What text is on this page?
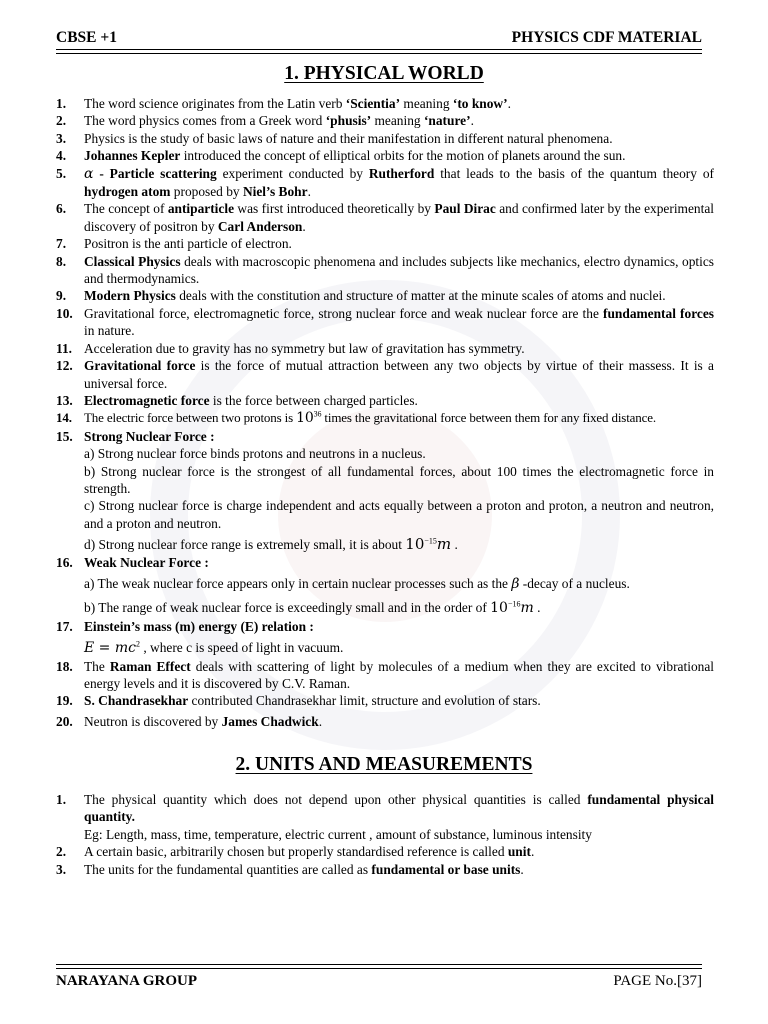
CBSE +1	PHYSICS CDF MATERIAL
1. PHYSICAL WORLD
1. The word science originates from the Latin verb ‘Scientia’ meaning ‘to know’.
2. The word physics comes from a Greek word ‘phusis’ meaning ‘nature’.
3. Physics is the study of basic laws of nature and their manifestation in different natural phenomena.
4. Johannes Kepler introduced the concept of elliptical orbits for the motion of planets around the sun.
5. α - Particle scattering experiment conducted by Rutherford that leads to the basis of the quantum theory of hydrogen atom proposed by Niel’s Bohr.
6. The concept of antiparticle was first introduced theoretically by Paul Dirac and confirmed later by the experimental discovery of positron by Carl Anderson.
7. Positron is the anti particle of electron.
8. Classical Physics deals with macroscopic phenomena and includes subjects like mechanics, electro dynamics, optics and thermodynamics.
9. Modern Physics deals with the constitution and structure of matter at the minute scales of atoms and nuclei.
10. Gravitational force, electromagnetic force, strong nuclear force and weak nuclear force are the fundamental forces in nature.
11. Acceleration due to gravity has no symmetry but law of gravitation has symmetry.
12. Gravitational force is the force of mutual attraction between any two objects by virtue of their massess. It is a universal force.
13. Electromagnetic force is the force between charged particles.
14. The electric force between two protons is $10^{36}$ times the gravitational force between them for any fixed distance.
15. Strong Nuclear Force :
a) Strong nuclear force binds protons and neutrons in a nucleus.
b) Strong nuclear force is the strongest of all fundamental forces, about 100 times the electromagnetic force in strength.
c) Strong nuclear force is charge independent and acts equally between a proton and proton, a neutron and neutron, and a proton and neutron.
d) Strong nuclear force range is extremely small, it is about $10^{-15}m$ .
16. Weak Nuclear Force :
a) The weak nuclear force appears only in certain nuclear processes such as the β -decay of a nucleus.
b) The range of weak nuclear force is exceedingly small and in the order of $10^{-16}m$ .
17. Einstein’s mass (m) energy (E) relation :
$E = mc^2$ , where c is speed of light in vacuum.
18. The Raman Effect deals with scattering of light by molecules of a medium when they are excited to vibrational energy levels and it is discovered by C.V. Raman.
19. S. Chandrasekhar contributed Chandrasekhar limit, structure and evolution of stars.
20. Neutron is discovered by James Chadwick.
2. UNITS AND MEASUREMENTS
1. The physical quantity which does not depend upon other physical quantities is called fundamental physical quantity.
Eg: Length, mass, time, temperature, electric current , amount of substance, luminous intensity
2. A certain basic, arbitrarily chosen but properly standardised reference is called unit.
3. The units for the fundamental quantities are called as fundamental or base units.
NARAYANA GROUP	PAGE No.[37]
